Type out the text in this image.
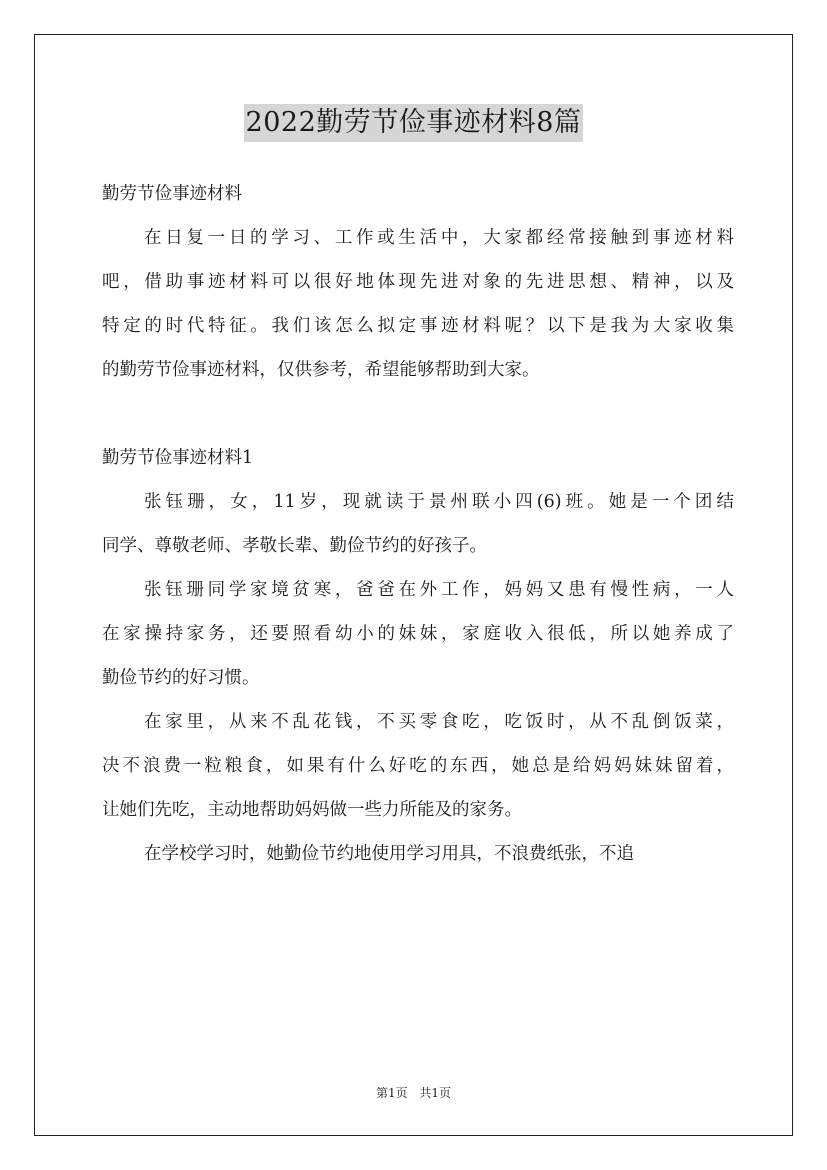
2022勤劳节俭事迹材料8篇
勤劳节俭事迹材料
在日复一日的学习、工作或生活中，大家都经常接触到事迹材料
吧，借助事迹材料可以很好地体现先进对象的先进思想、精神，以及
特定的时代特征。我们该怎么拟定事迹材料呢？以下是我为大家收集
的勤劳节俭事迹材料，仅供参考，希望能够帮助到大家。
勤劳节俭事迹材料1
张钰珊，女，11岁，现就读于景州联小四(6)班。她是一个团结
同学、尊敬老师、孝敬长辈、勤俭节约的好孩子。
张钰珊同学家境贫寒，爸爸在外工作，妈妈又患有慢性病，一人
在家操持家务，还要照看幼小的妹妹，家庭收入很低，所以她养成了
勤俭节约的好习惯。
在家里，从来不乱花钱，不买零食吃，吃饭时，从不乱倒饭菜，
决不浪费一粒粮食，如果有什么好吃的东西，她总是给妈妈妹妹留着，
让她们先吃，主动地帮助妈妈做一些力所能及的家务。
在学校学习时，她勤俭节约地使用学习用具，不浪费纸张，不追
第1页 共1页
